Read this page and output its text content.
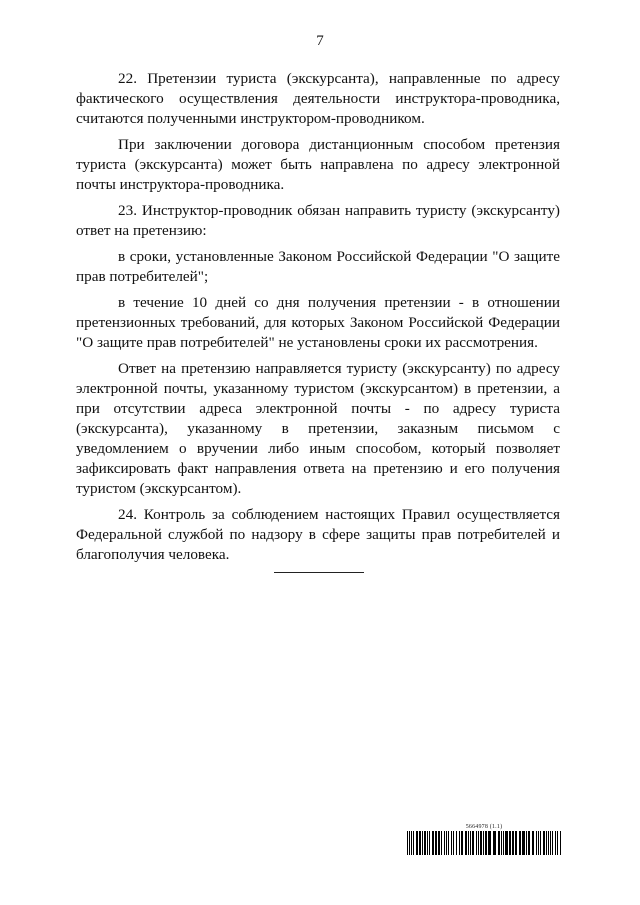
7

22. Претензии туриста (экскурсанта), направленные по адресу фактического осуществления деятельности инструктора-проводника, считаются полученными инструктором-проводником.

При заключении договора дистанционным способом претензия туриста (экскурсанта) может быть направлена по адресу электронной почты инструктора-проводника.

23. Инструктор-проводник обязан направить туристу (экскурсанту) ответ на претензию:

в сроки, установленные Законом Российской Федерации "О защите прав потребителей";

в течение 10 дней со дня получения претензии - в отношении претензионных требований, для которых Законом Российской Федерации "О защите прав потребителей" не установлены сроки их рассмотрения.

Ответ на претензию направляется туристу (экскурсанту) по адресу электронной почты, указанному туристом (экскурсантом) в претензии, а при отсутствии адреса электронной почты - по адресу туриста (экскурсанта), указанному в претензии, заказным письмом с уведомлением о вручении либо иным способом, который позволяет зафиксировать факт направления ответа на претензию и его получения туристом (экскурсантом).

24. Контроль за соблюдением настоящих Правил осуществляется Федеральной службой по надзору в сфере защиты прав потребителей и благополучия человека.

5664978 (1.1)
